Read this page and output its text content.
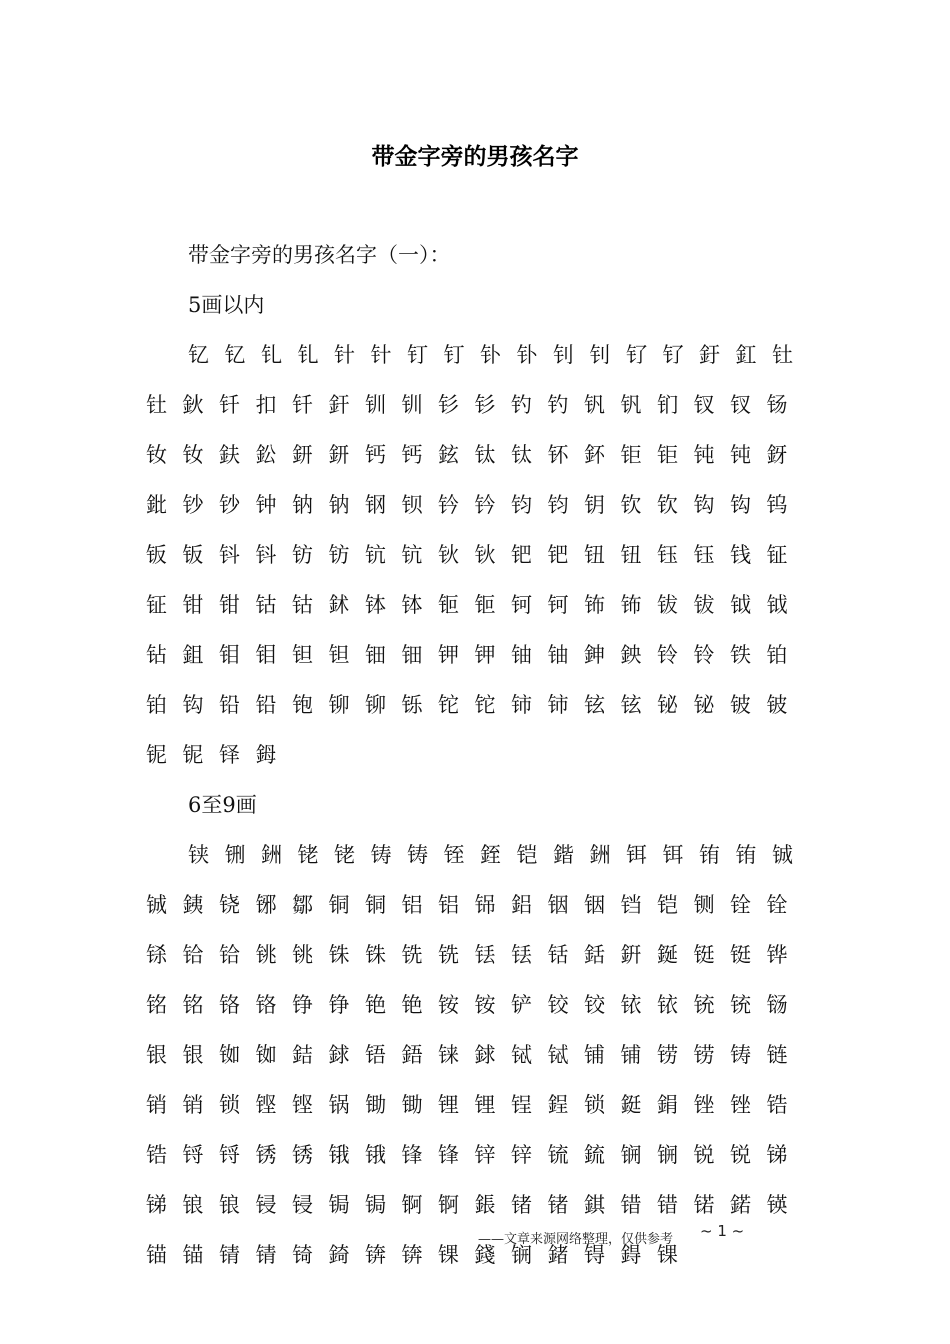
带金字旁的男孩名字
带金字旁的男孩名字（一）：
5画以内
钇钇钆钆针针钉钉钋钋钊钊钌钌釪釭钍钍鈥钎扣钎釬钏钏钐钐钓钓钒钒钔钗钗钖钕钕鈇鈆鈃鈃钙钙鉉钛钛钚鈈钜钜钝钝釾鈚钞钞钟钠钠钢钡钤钤钧钧钥钦钦钩钩钨钣钣钭钭钫钫钪钪钬钬钯钯钮钮钰钰钱钲钲钳钳钴钴鉥钵钵钷钷钶钶钸钸钹钹钺钺钻鉏钼钼钽钽钿钿钾钾铀铀鉮鉠铃铃铁铂铂钩铅铅铇铆铆铄铊铊铈铈铉铉铋铋铍铍铌铌铎鉧
6至9画
铗铏銂铑铑铸铸铚銍铠鍇銂铒铒铕铕铖铖銕铙铘鄒铜铜铝铝铞鋁铟铟铛铠铡铨铨铩铪铪铫铫铢铢铣铣铥铥铦銛銒鋋铤铤铧铭铭铬铬铮铮铯铯铵铵铲铰铰铱铱铳铳铴银银铷铷銡銶铻鋙铼銶铽铽铺铺铹铹铸链销销锁铿铿锅锄锄锂锂锃鋥锁鋌鋗锉锉锆锆锊锊锈锈锇锇锋锋锌锌锍鋶锎锎锐锐锑锑锒锒锓锓锔锔锕锕鋹锗锗錤错错锘鍩锳锚锚锖锖锜錡锛锛锞錢锎鍺锝鍀锞
——文章来源网络整理，仅供参考 ~ 1 ~
